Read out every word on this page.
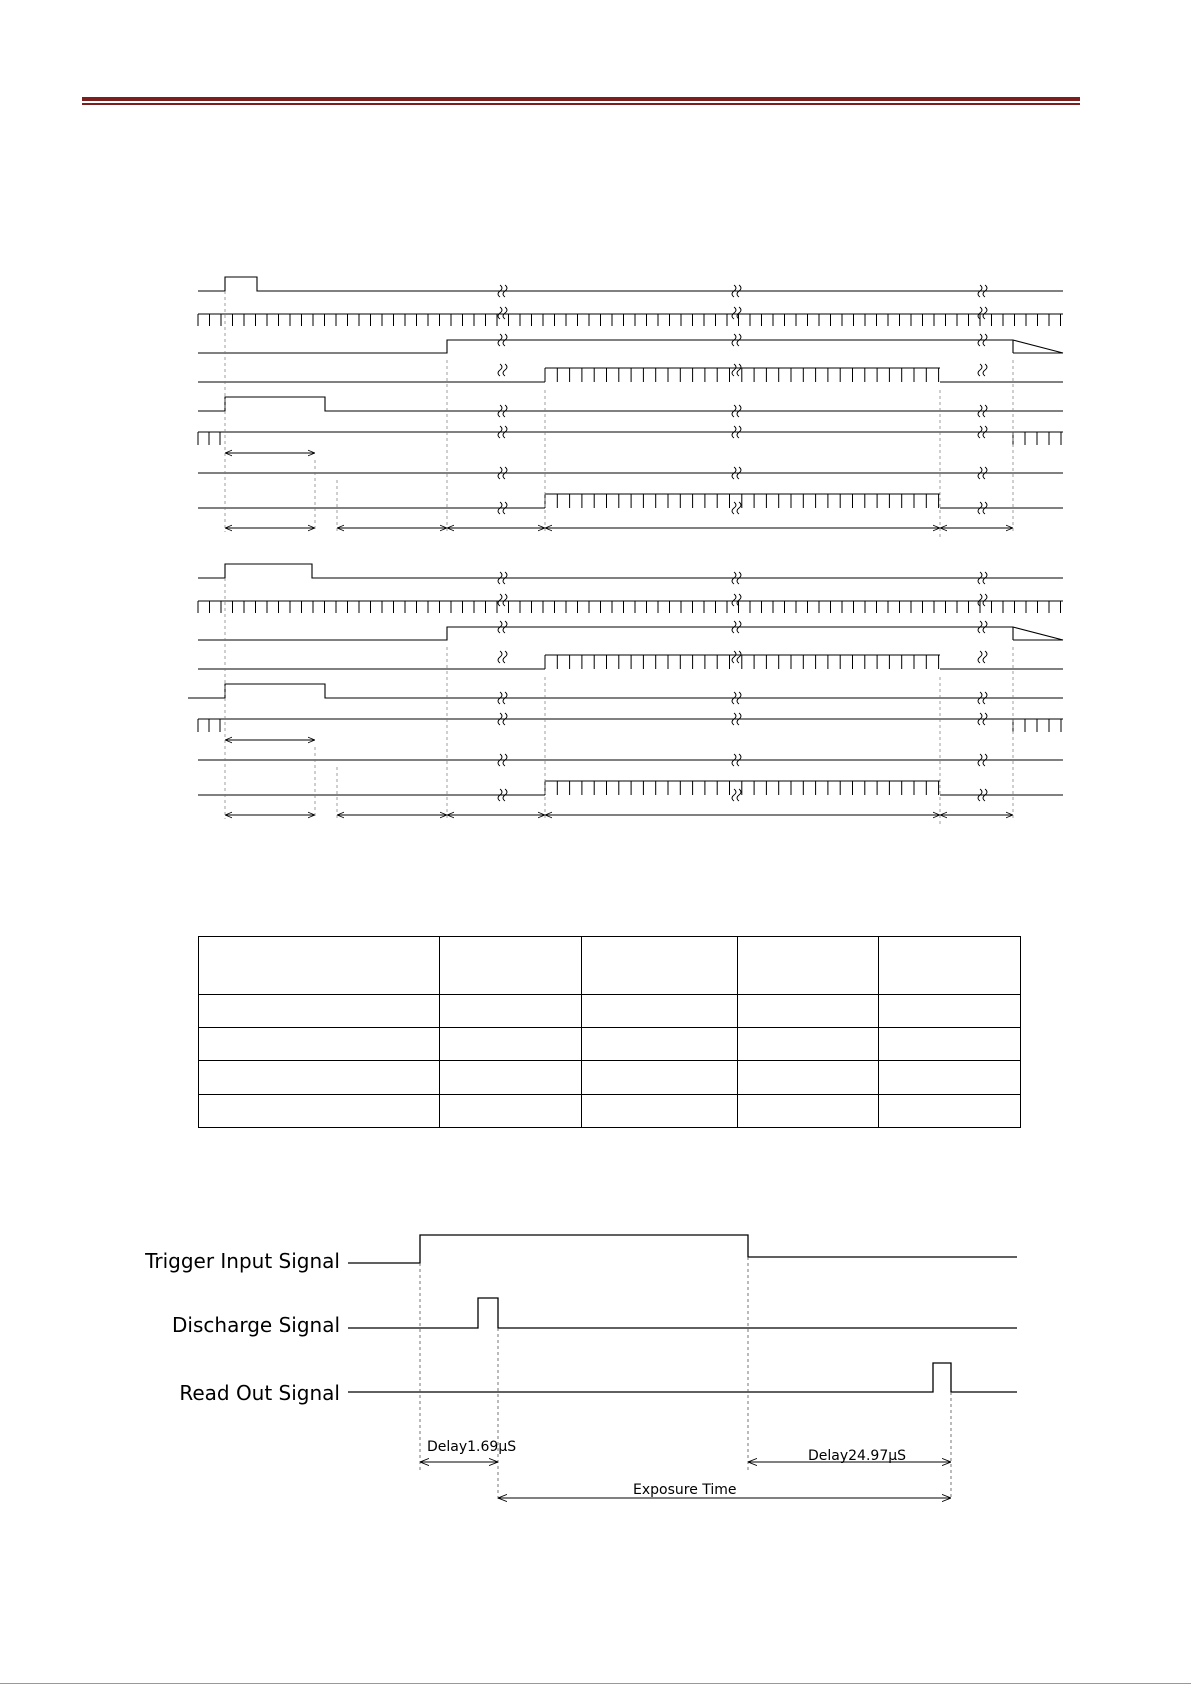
Trigger Input Signal
Discharge Signal
Read Out Signal
Delay1.69μS
Delay24.97μS
Exposure Time
